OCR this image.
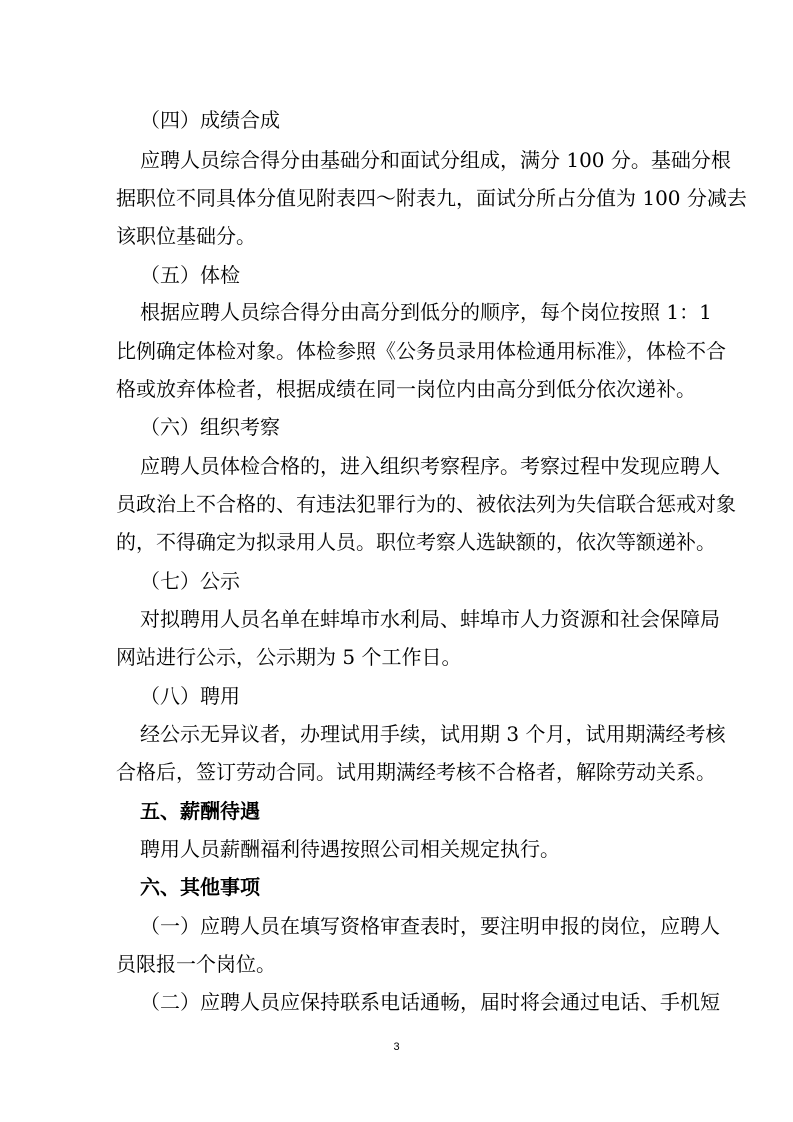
（四）成绩合成
应聘人员综合得分由基础分和面试分组成，满分 100 分。基础分根
据职位不同具体分值见附表四～附表九，面试分所占分值为 100 分减去
该职位基础分。
（五）体检
根据应聘人员综合得分由高分到低分的顺序，每个岗位按照 1：1
比例确定体检对象。体检参照《公务员录用体检通用标准》，体检不合
格或放弃体检者，根据成绩在同一岗位内由高分到低分依次递补。
（六）组织考察
应聘人员体检合格的，进入组织考察程序。考察过程中发现应聘人
员政治上不合格的、有违法犯罪行为的、被依法列为失信联合惩戒对象
的，不得确定为拟录用人员。职位考察人选缺额的，依次等额递补。
（七）公示
对拟聘用人员名单在蚌埠市水利局、蚌埠市人力资源和社会保障局
网站进行公示，公示期为 5 个工作日。
（八）聘用
经公示无异议者，办理试用手续，试用期 3 个月，试用期满经考核
合格后，签订劳动合同。试用期满经考核不合格者，解除劳动关系。
五、薪酬待遇
聘用人员薪酬福利待遇按照公司相关规定执行。
六、其他事项
（一）应聘人员在填写资格审查表时，要注明申报的岗位，应聘人
员限报一个岗位。
（二）应聘人员应保持联系电话通畅，届时将会通过电话、手机短
3
